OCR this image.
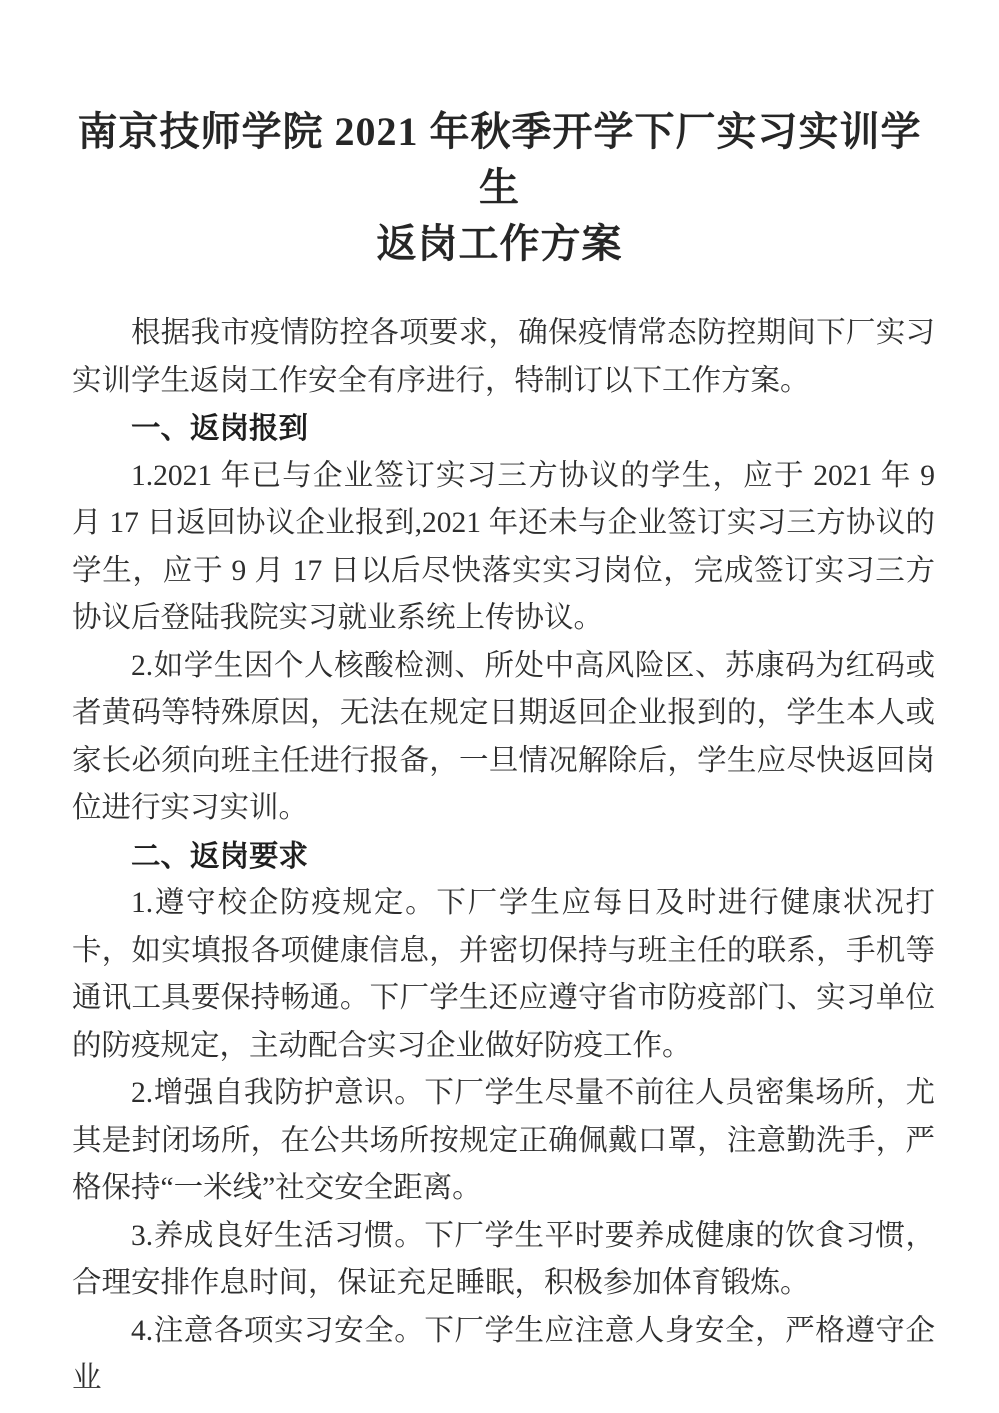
南京技师学院 2021 年秋季开学下厂实习实训学生
返岗工作方案

根据我市疫情防控各项要求，确保疫情常态防控期间下厂实习实训学生返岗工作安全有序进行，特制订以下工作方案。

一、返岗报到

1.2021 年已与企业签订实习三方协议的学生，应于 2021 年 9 月 17 日返回协议企业报到,2021 年还未与企业签订实习三方协议的学生，应于 9 月 17 日以后尽快落实实习岗位，完成签订实习三方协议后登陆我院实习就业系统上传协议。

2.如学生因个人核酸检测、所处中高风险区、苏康码为红码或者黄码等特殊原因，无法在规定日期返回企业报到的，学生本人或家长必须向班主任进行报备，一旦情况解除后，学生应尽快返回岗位进行实习实训。

二、返岗要求

1.遵守校企防疫规定。下厂学生应每日及时进行健康状况打卡，如实填报各项健康信息，并密切保持与班主任的联系，手机等通讯工具要保持畅通。下厂学生还应遵守省市防疫部门、实习单位的防疫规定，主动配合实习企业做好防疫工作。

2.增强自我防护意识。下厂学生尽量不前往人员密集场所，尤其是封闭场所，在公共场所按规定正确佩戴口罩，注意勤洗手，严格保持“一米线”社交安全距离。

3.养成良好生活习惯。下厂学生平时要养成健康的饮食习惯，合理安排作息时间，保证充足睡眠，积极参加体育锻炼。

4.注意各项实习安全。下厂学生应注意人身安全，严格遵守企业
